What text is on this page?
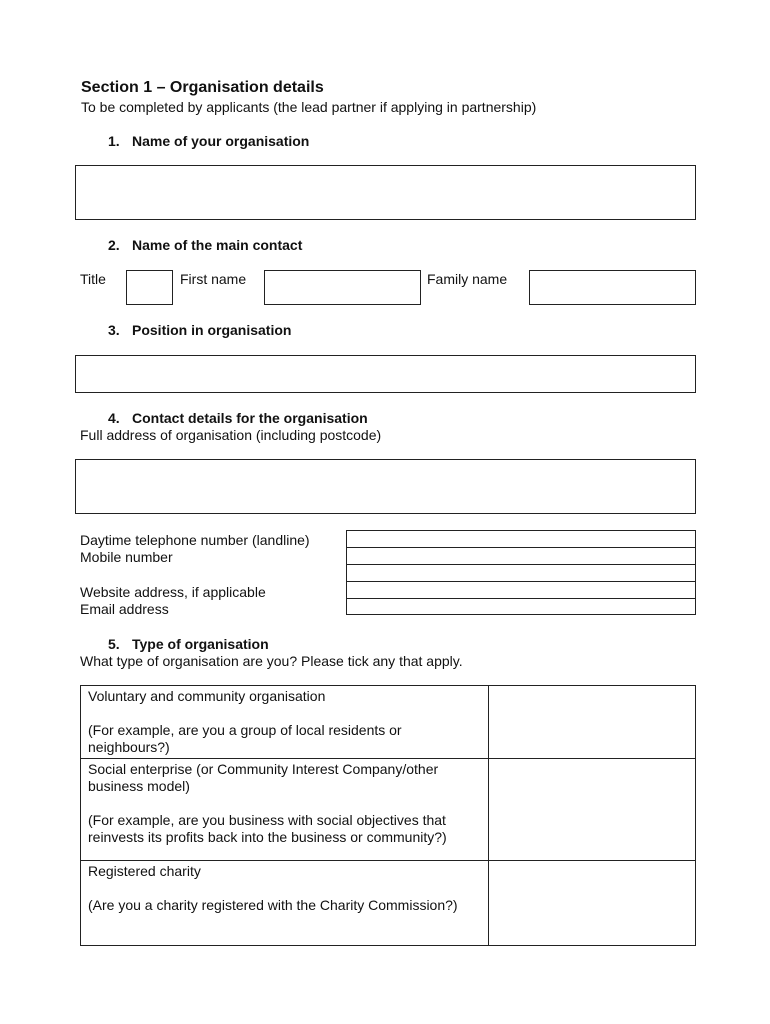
Section 1 – Organisation details
To be completed by applicants (the lead partner if applying in partnership)
1. Name of your organisation
2. Name of the main contact
Title	First name	Family name
3. Position in organisation
4. Contact details for the organisation
Full address of organisation (including postcode)
Daytime telephone number (landline)
Mobile number
Website address, if applicable
Email address
5. Type of organisation
What type of organisation are you? Please tick any that apply.
Voluntary and community organisation
(For example, are you a group of local residents or neighbours?)	

Social enterprise (or Community Interest Company/other business model)
(For example, are you business with social objectives that reinvests its profits back into the business or community?)	

Registered charity
(Are you a charity registered with the Charity Commission?)	
